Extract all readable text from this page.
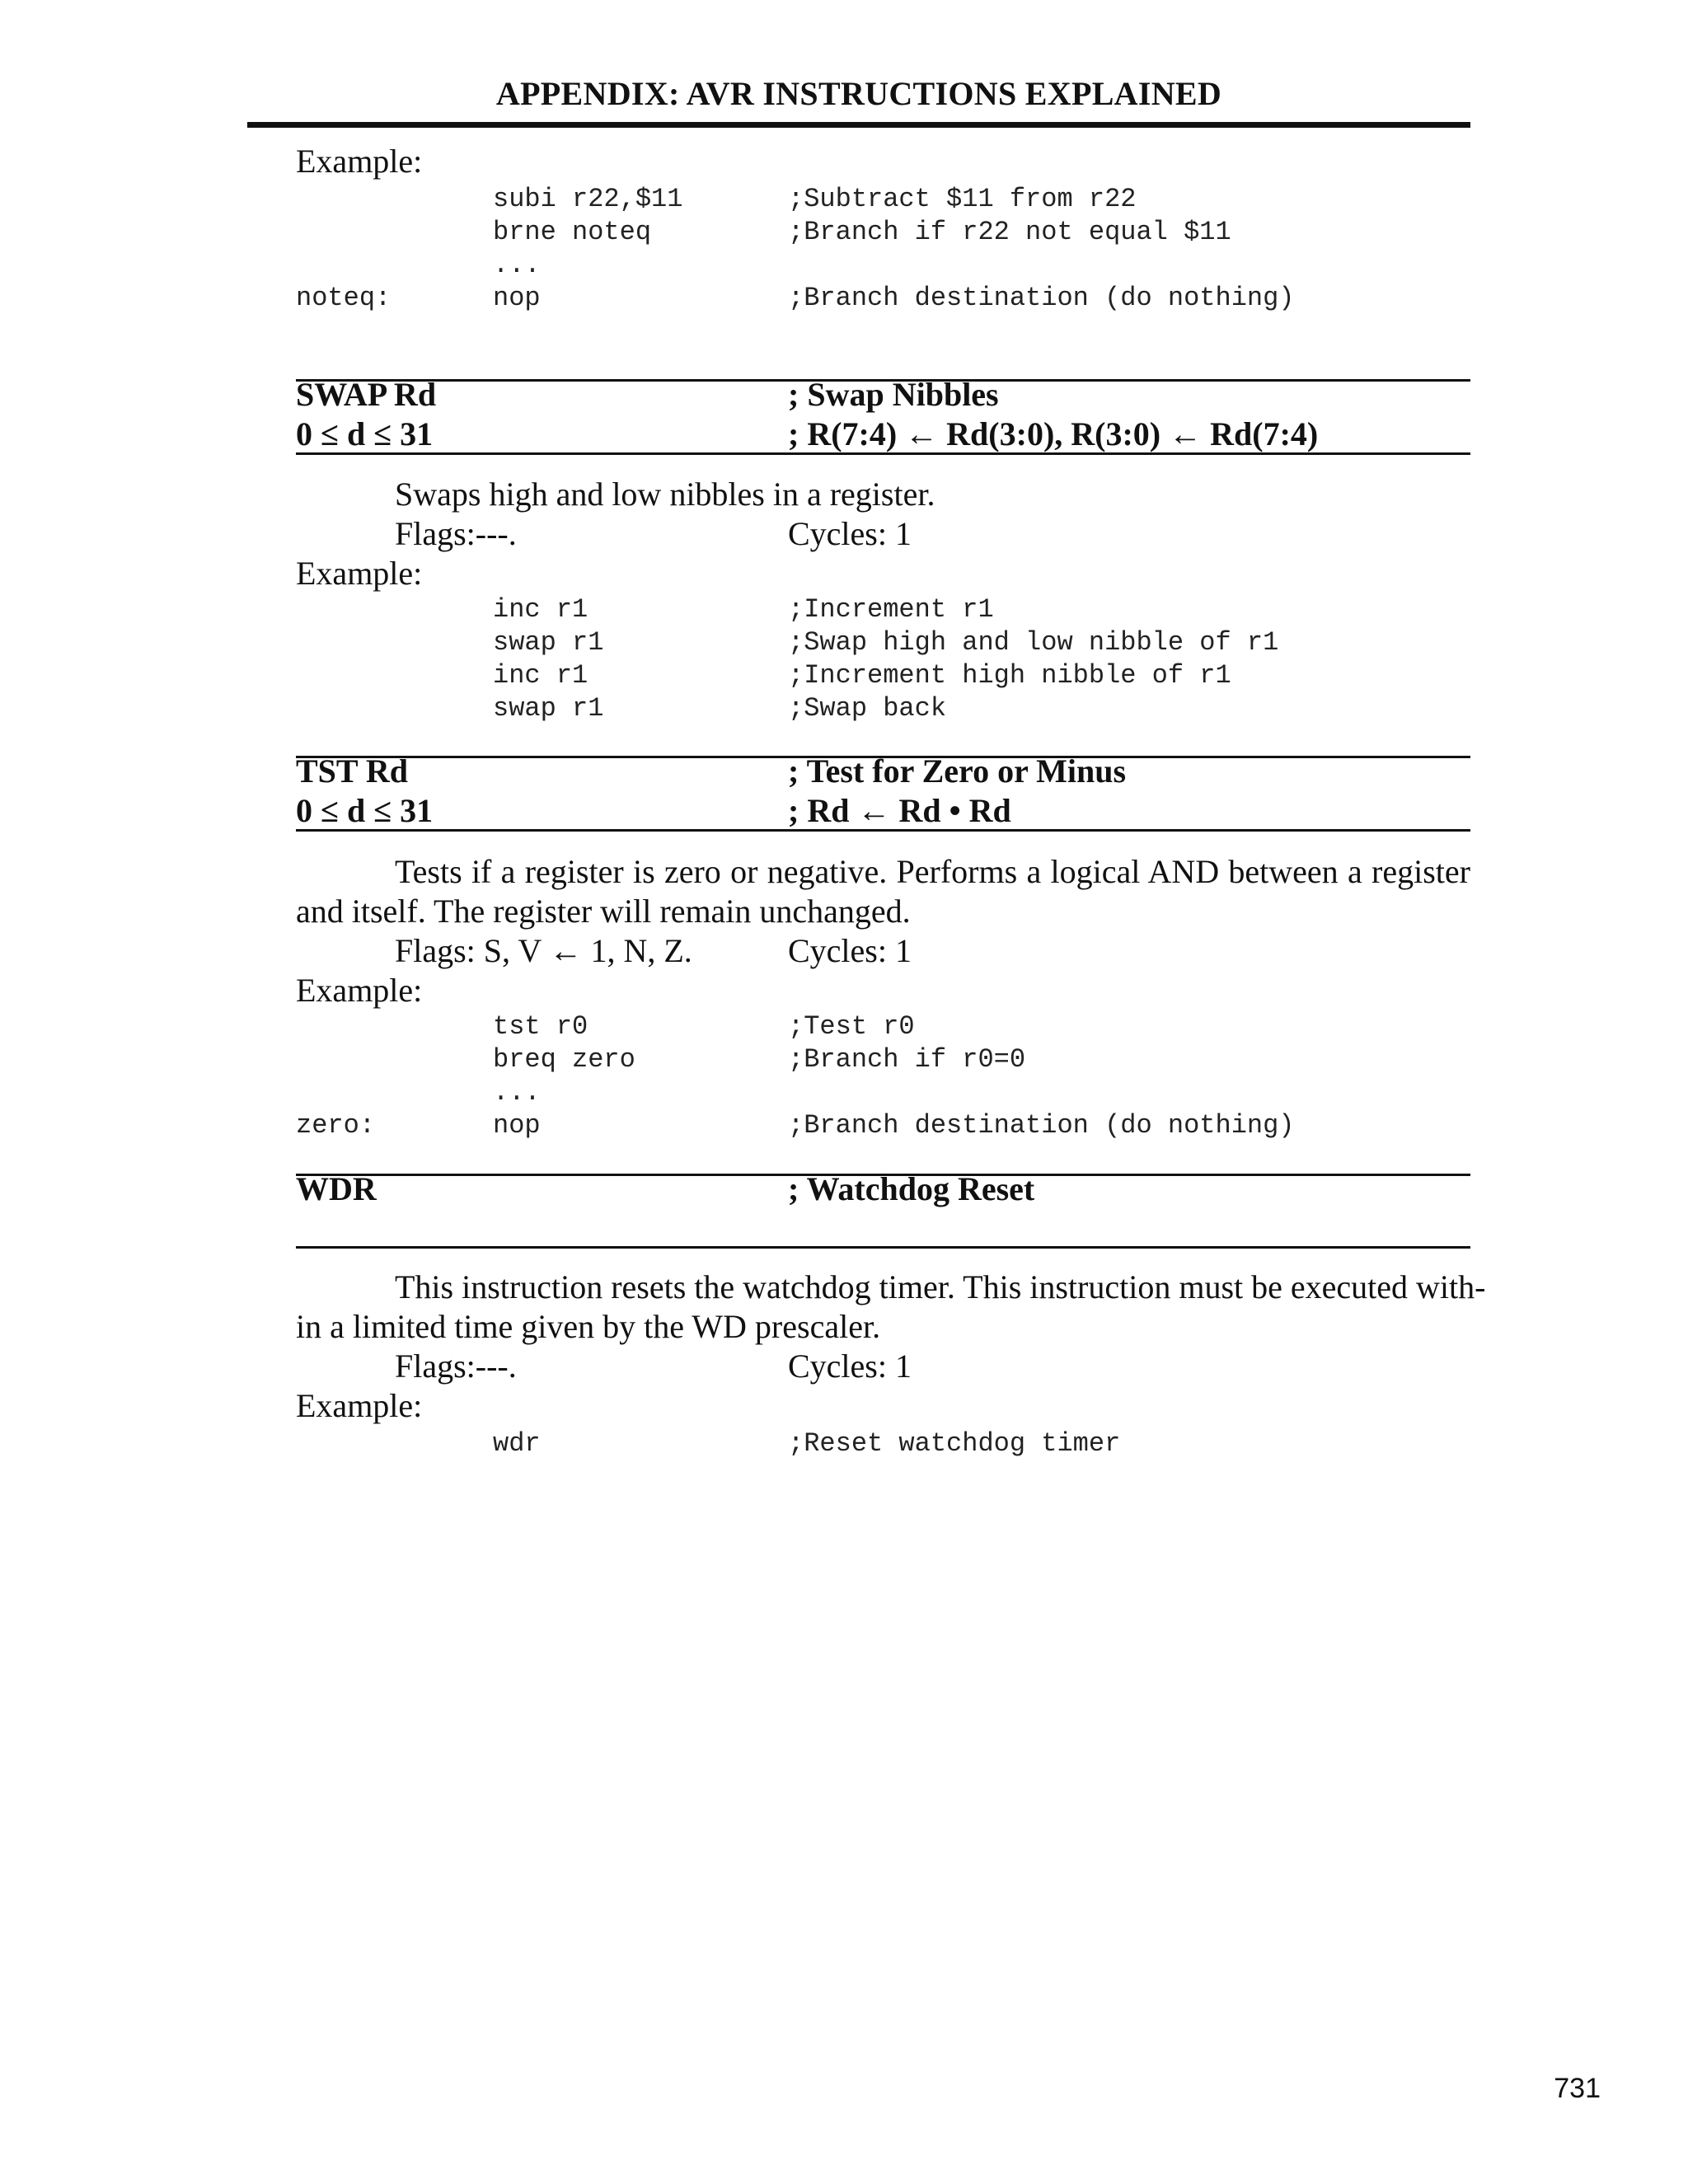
APPENDIX: AVR INSTRUCTIONS EXPLAINED
Example:
subi r22,$11	;Subtract $11 from r22
brne noteq	;Branch if r22 not equal $11
...
noteq:	nop	;Branch destination (do nothing)
SWAP Rd	; Swap Nibbles
0 ≤ d ≤ 31	; R(7:4) ← Rd(3:0), R(3:0) ← Rd(7:4)
Swaps high and low nibbles in a register.
Flags:---.	Cycles: 1
Example:
inc r1	;Increment r1
swap r1	;Swap high and low nibble of r1
inc r1	;Increment high nibble of r1
swap r1	;Swap back
TST Rd	; Test for Zero or Minus
0 ≤ d ≤ 31	; Rd ← Rd • Rd
Tests if a register is zero or negative. Performs a logical AND between a register and itself. The register will remain unchanged.
Flags: S, V ← 1, N, Z.	Cycles: 1
Example:
tst r0	;Test r0
breq zero	;Branch if r0=0
...
zero:	nop	;Branch destination (do nothing)
WDR	; Watchdog Reset
This instruction resets the watchdog timer. This instruction must be executed with-
in a limited time given by the WD prescaler.
Flags:---.	Cycles: 1
Example:
wdr	;Reset watchdog timer
731
